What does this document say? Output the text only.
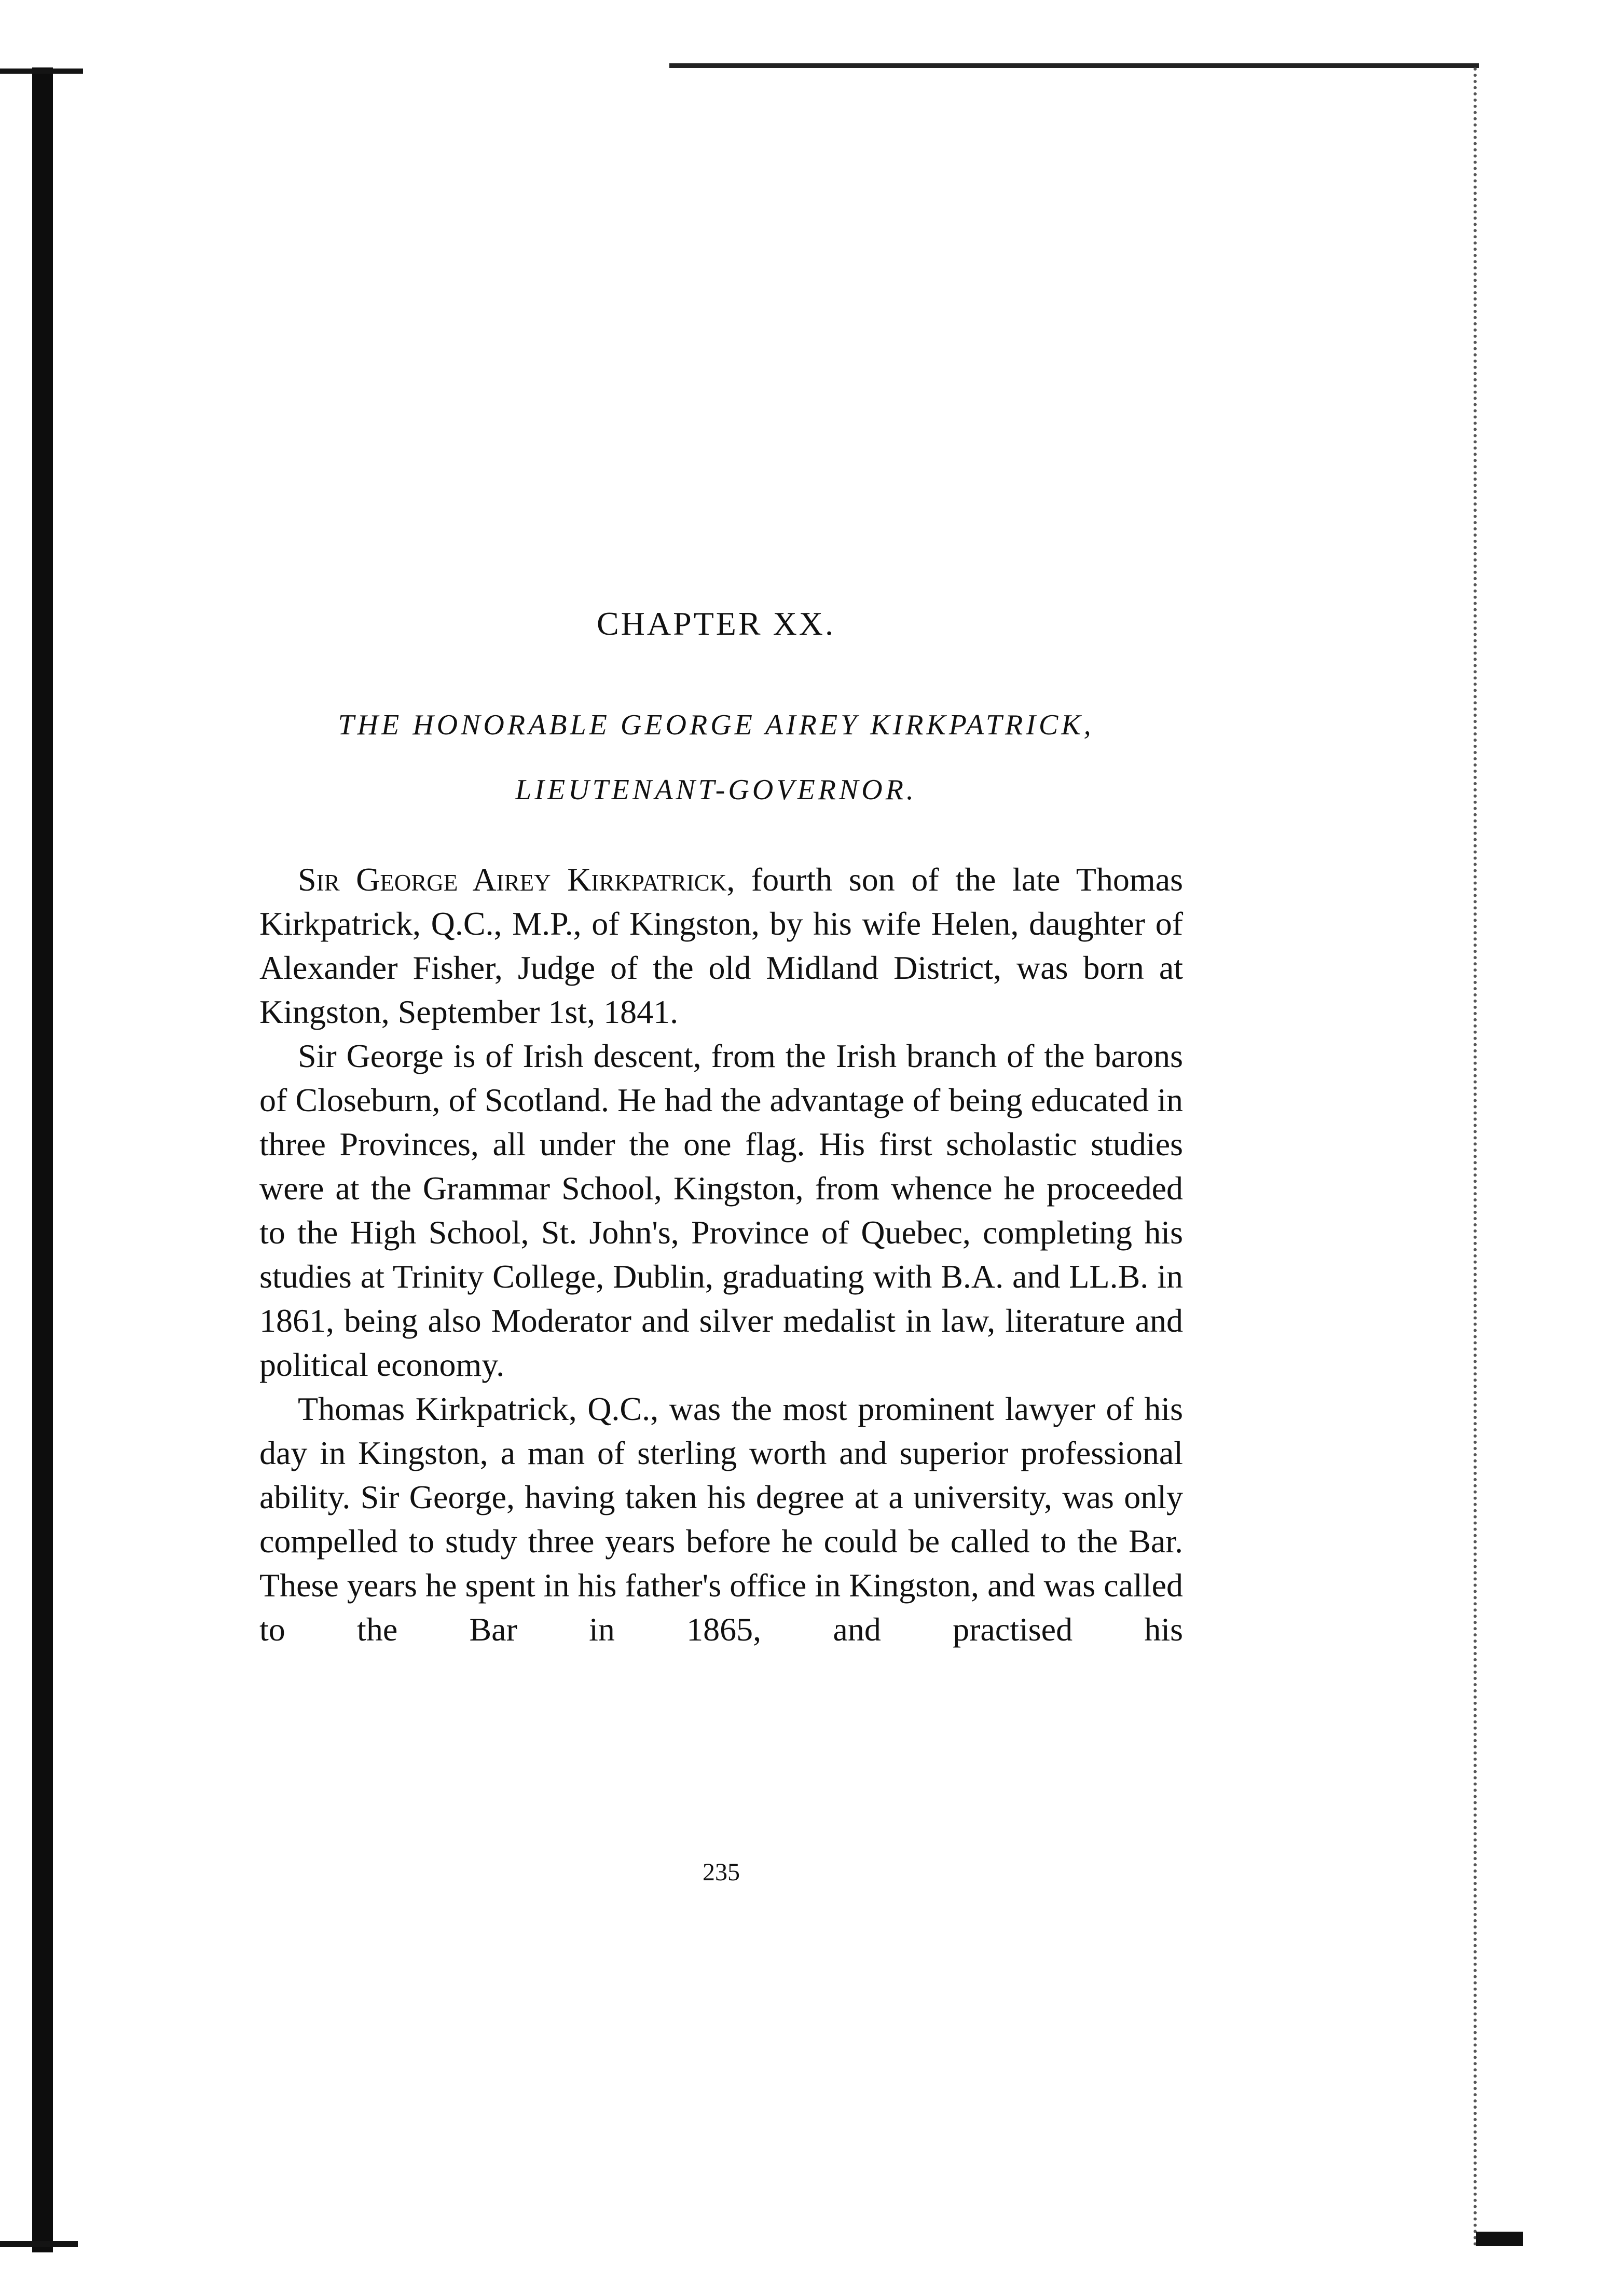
CHAPTER XX.
THE HONORABLE GEORGE AIREY KIRKPATRICK,
LIEUTENANT-GOVERNOR.

Sir George Airey Kirkpatrick, fourth son of the late Thomas Kirkpatrick, Q.C., M.P., of Kingston, by his wife Helen, daughter of Alexander Fisher, Judge of the old Midland District, was born at Kingston, September 1st, 1841.

Sir George is of Irish descent, from the Irish branch of the barons of Closeburn, of Scotland. He had the advantage of being educated in three Provinces, all under the one flag. His first scholastic studies were at the Grammar School, Kingston, from whence he proceeded to the High School, St. John's, Province of Quebec, completing his studies at Trinity College, Dublin, graduating with B.A. and LL.B. in 1861, being also Moderator and silver medalist in law, literature and political economy.

Thomas Kirkpatrick, Q.C., was the most prominent lawyer of his day in Kingston, a man of sterling worth and superior professional ability. Sir George, having taken his degree at a university, was only compelled to study three years before he could be called to the Bar. These years he spent in his father's office in Kingston, and was called to the Bar in 1865, and practised his

235
